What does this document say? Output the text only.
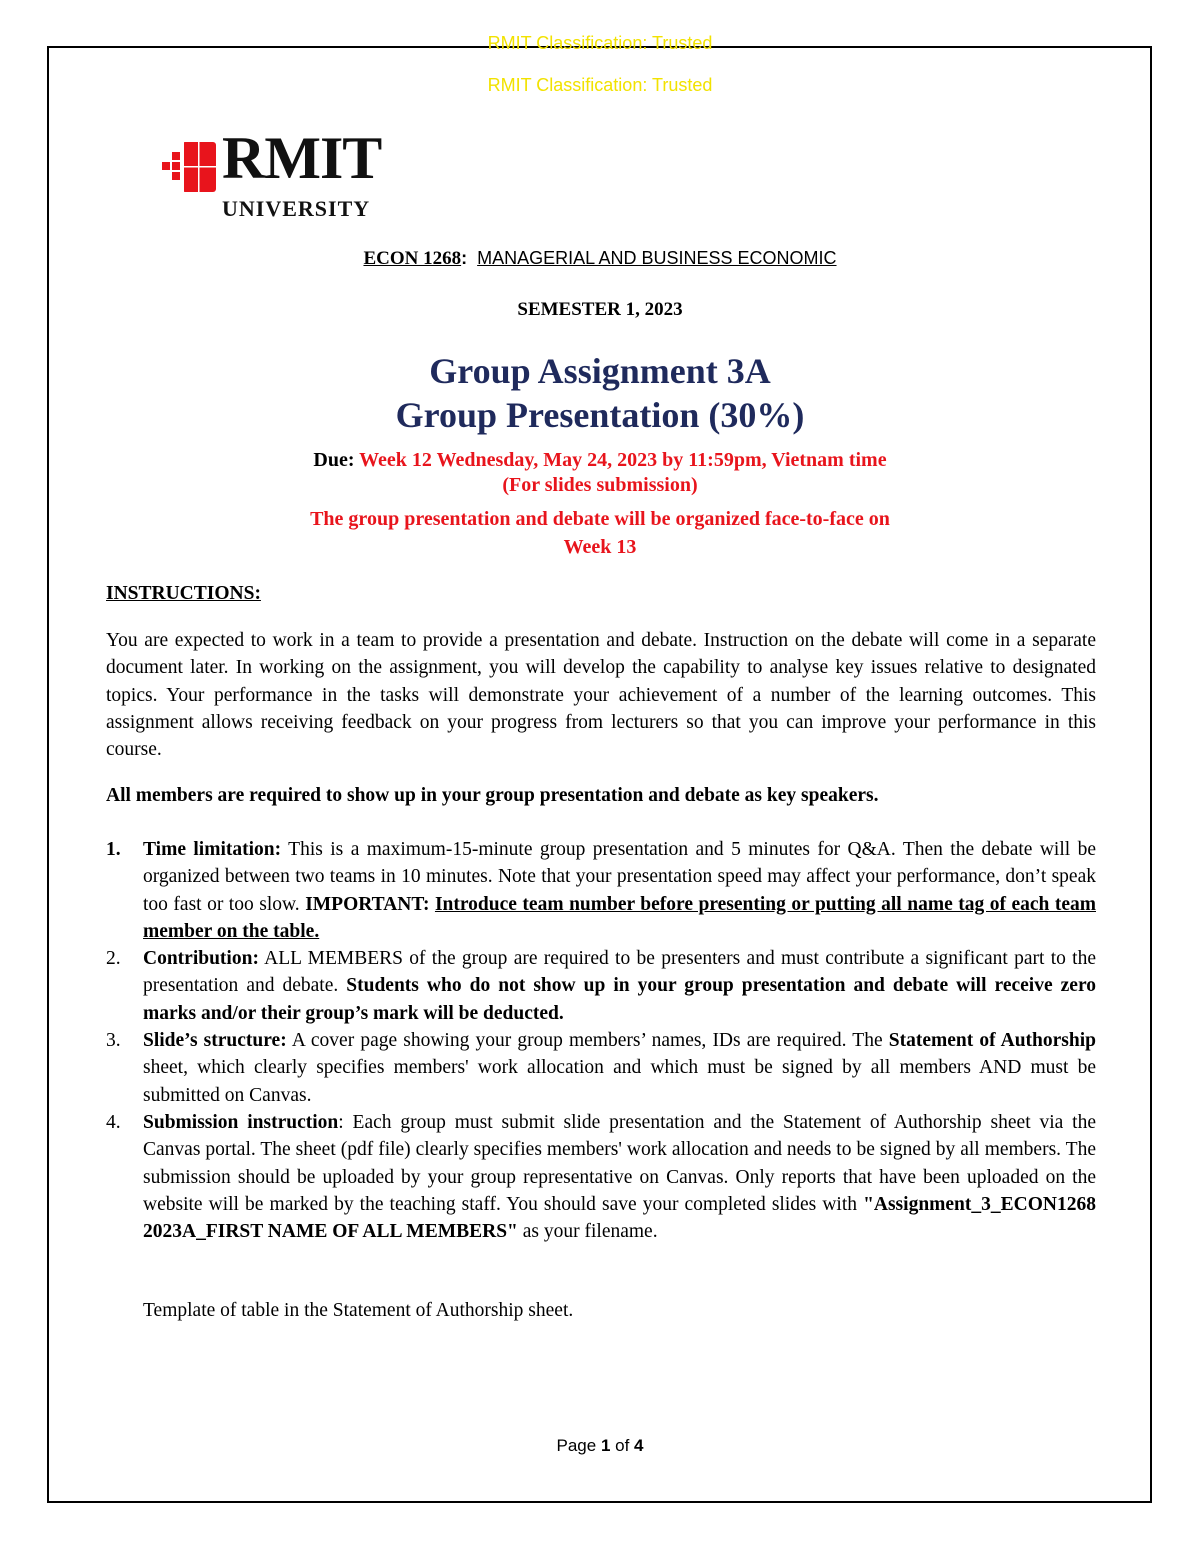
RMIT Classification: Trusted
RMIT Classification: Trusted
RMIT
UNIVERSITY
ECON 1268: MANAGERIAL AND BUSINESS ECONOMIC
SEMESTER 1, 2023
Group Assignment 3A
Group Presentation (30%)
Due: Week 12 Wednesday, May 24, 2023 by 11:59pm, Vietnam time
(For slides submission)
The group presentation and debate will be organized face-to-face on
Week 13
INSTRUCTIONS:
You are expected to work in a team to provide a presentation and debate. Instruction on the debate will come in a separate document later. In working on the assignment, you will develop the capability to analyse key issues relative to designated topics. Your performance in the tasks will demonstrate your achievement of a number of the learning outcomes. This assignment allows receiving feedback on your progress from lecturers so that you can improve your performance in this course.
All members are required to show up in your group presentation and debate as key speakers.
1. Time limitation: This is a maximum-15-minute group presentation and 5 minutes for Q&A. Then the debate will be organized between two teams in 10 minutes. Note that your presentation speed may affect your performance, don’t speak too fast or too slow. IMPORTANT: Introduce team number before presenting or putting all name tag of each team member on the table.
2. Contribution: ALL MEMBERS of the group are required to be presenters and must contribute a significant part to the presentation and debate. Students who do not show up in your group presentation and debate will receive zero marks and/or their group’s mark will be deducted.
3. Slide’s structure: A cover page showing your group members’ names, IDs are required. The Statement of Authorship sheet, which clearly specifies members' work allocation and which must be signed by all members AND must be submitted on Canvas.
4. Submission instruction: Each group must submit slide presentation and the Statement of Authorship sheet via the Canvas portal. The sheet (pdf file) clearly specifies members' work allocation and needs to be signed by all members. The submission should be uploaded by your group representative on Canvas. Only reports that have been uploaded on the website will be marked by the teaching staff. You should save your completed slides with "Assignment_3_ECON1268 2023A_FIRST NAME OF ALL MEMBERS" as your filename.
Template of table in the Statement of Authorship sheet.
Page 1 of 4
